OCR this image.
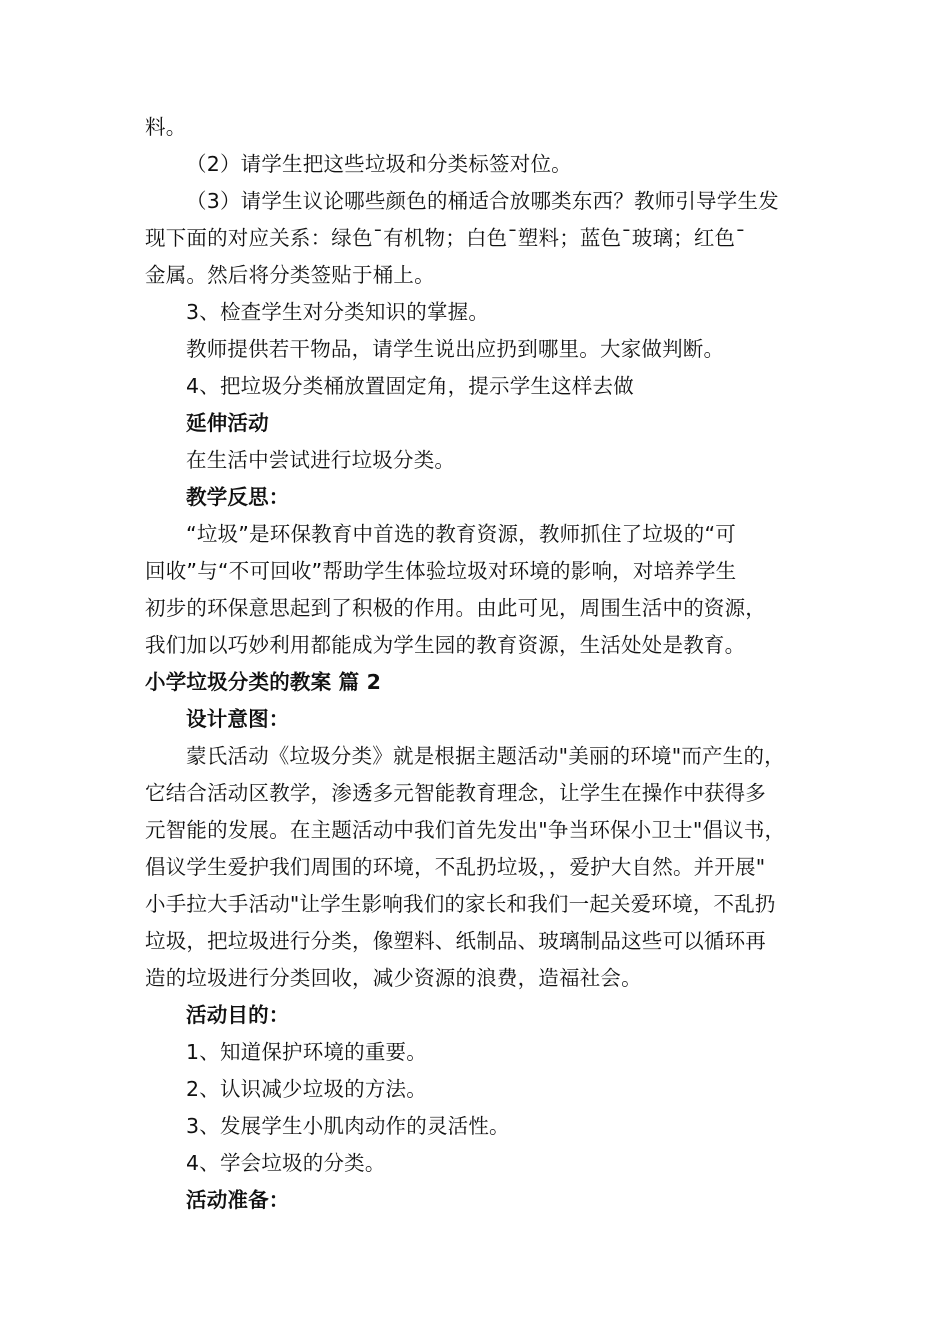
料。
（2）请学生把这些垃圾和分类标签对位。
（3）请学生议论哪些颜色的桶适合放哪类东西？教师引导学生发
现下面的对应关系：绿色¯有机物；白色¯塑料；蓝色¯玻璃；红色¯
金属。然后将分类签贴于桶上。
3、检查学生对分类知识的掌握。
教师提供若干物品，请学生说出应扔到哪里。大家做判断。
4、把垃圾分类桶放置固定角，提示学生这样去做
延伸活动
在生活中尝试进行垃圾分类。
教学反思：
“垃圾”是环保教育中首选的教育资源，教师抓住了垃圾的“可
回收”与“不可回收”帮助学生体验垃圾对环境的影响，对培养学生
初步的环保意思起到了积极的作用。由此可见，周围生活中的资源，
我们加以巧妙利用都能成为学生园的教育资源，生活处处是教育。
小学垃圾分类的教案 篇 2
设计意图：
蒙氏活动《垃圾分类》就是根据主题活动"美丽的环境"而产生的，
它结合活动区教学，渗透多元智能教育理念，让学生在操作中获得多
元智能的发展。在主题活动中我们首先发出"争当环保小卫士"倡议书，
倡议学生爱护我们周围的环境，不乱扔垃圾，，爱护大自然。并开展"
小手拉大手活动"让学生影响我们的家长和我们一起关爱环境，不乱扔
垃圾，把垃圾进行分类，像塑料、纸制品、玻璃制品这些可以循环再
造的垃圾进行分类回收，减少资源的浪费，造福社会。
活动目的：
1、知道保护环境的重要。
2、认识减少垃圾的方法。
3、发展学生小肌肉动作的灵活性。
4、学会垃圾的分类。
活动准备：
